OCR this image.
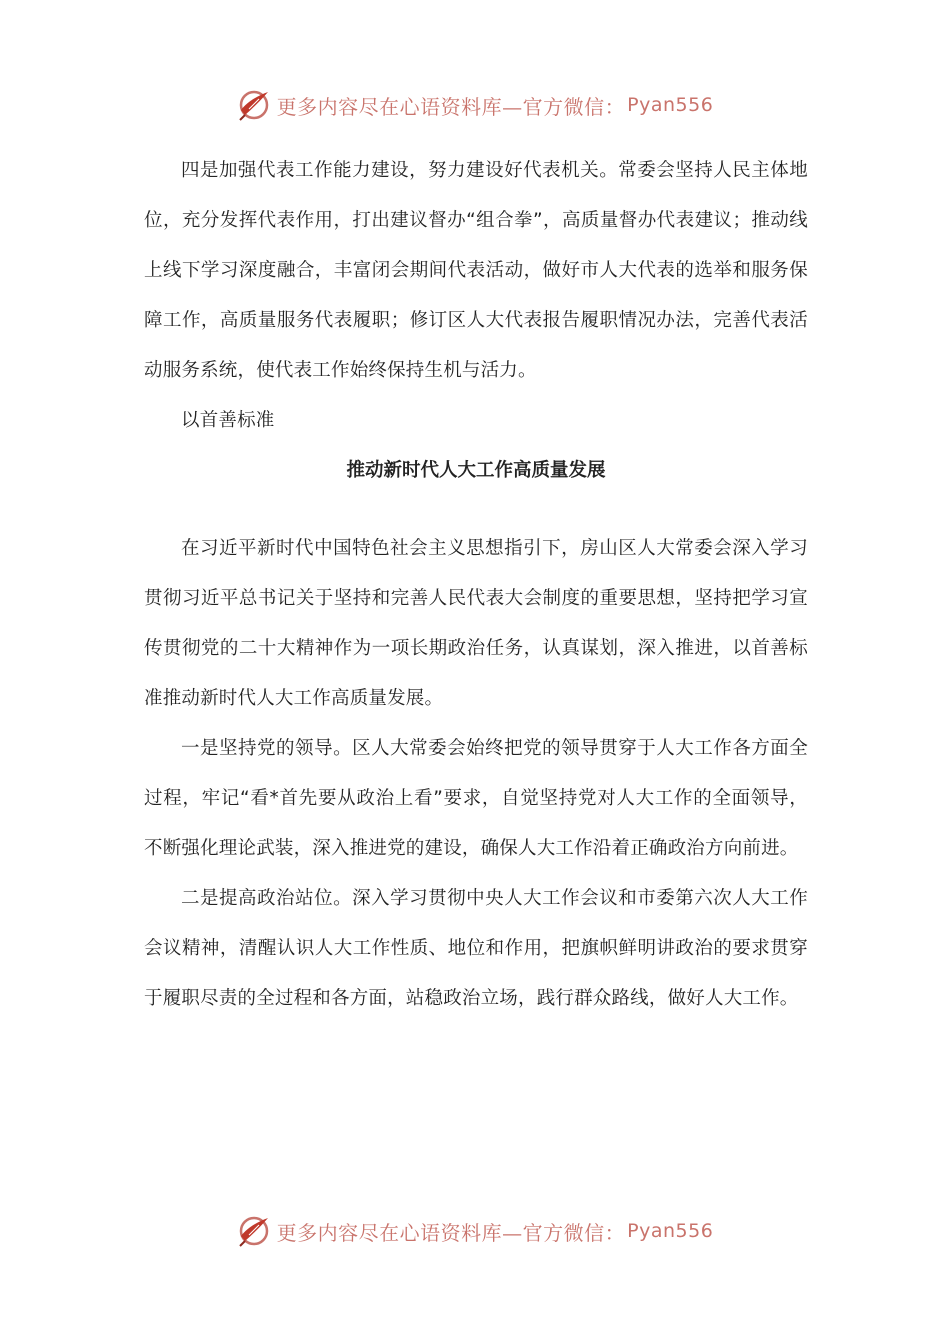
更多内容尽在心语资料库—官方微信： Pyan556

四是加强代表工作能力建设，努力建设好代表机关。常委会坚持人民主体地位，充分发挥代表作用，打出建议督办“组合拳”，高质量督办代表建议；推动线上线下学习深度融合，丰富闭会期间代表活动，做好市人大代表的选举和服务保障工作，高质量服务代表履职；修订区人大代表报告履职情况办法，完善代表活动服务系统，使代表工作始终保持生机与活力。

以首善标准

推动新时代人大工作高质量发展

在习近平新时代中国特色社会主义思想指引下，房山区人大常委会深入学习贯彻习近平总书记关于坚持和完善人民代表大会制度的重要思想，坚持把学习宣传贯彻党的二十大精神作为一项长期政治任务，认真谋划，深入推进，以首善标准推动新时代人大工作高质量发展。

一是坚持党的领导。区人大常委会始终把党的领导贯穿于人大工作各方面全过程，牢记“看*首先要从政治上看”要求，自觉坚持党对人大工作的全面领导，不断强化理论武装，深入推进党的建设，确保人大工作沿着正确政治方向前进。

二是提高政治站位。深入学习贯彻中央人大工作会议和市委第六次人大工作会议精神，清醒认识人大工作性质、地位和作用，把旗帜鲜明讲政治的要求贯穿于履职尽责的全过程和各方面，站稳政治立场，践行群众路线，做好人大工作。

更多内容尽在心语资料库—官方微信： Pyan556
